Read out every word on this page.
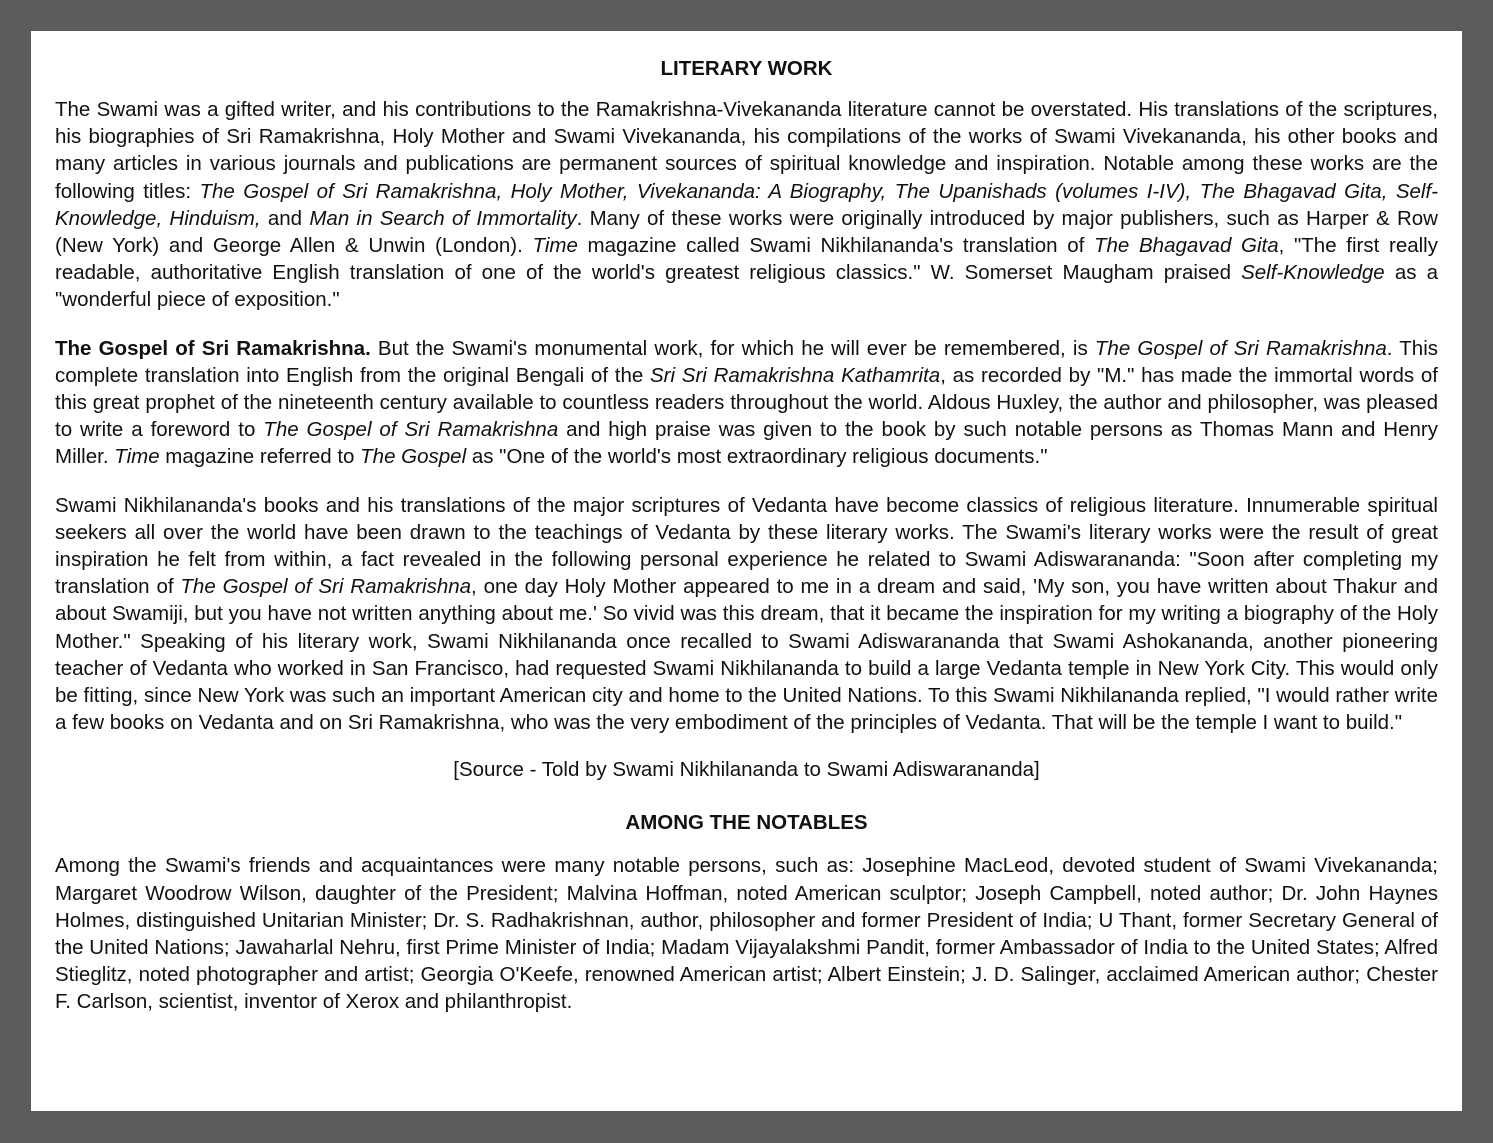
LITERARY WORK

The Swami was a gifted writer, and his contributions to the Ramakrishna-Vivekananda literature cannot be overstated. His translations of the scriptures, his biographies of Sri Ramakrishna, Holy Mother and Swami Vivekananda, his compilations of the works of Swami Vivekananda, his other books and many articles in various journals and publications are permanent sources of spiritual knowledge and inspiration. Notable among these works are the following titles: The Gospel of Sri Ramakrishna, Holy Mother, Vivekananda: A Biography, The Upanishads (volumes I-IV), The Bhagavad Gita, Self-Knowledge, Hinduism, and Man in Search of Immortality. Many of these works were originally introduced by major publishers, such as Harper & Row (New York) and George Allen & Unwin (London). Time magazine called Swami Nikhilananda's translation of The Bhagavad Gita, "The first really readable, authoritative English translation of one of the world's greatest religious classics." W. Somerset Maugham praised Self-Knowledge as a "wonderful piece of exposition."

The Gospel of Sri Ramakrishna. But the Swami's monumental work, for which he will ever be remembered, is The Gospel of Sri Ramakrishna. This complete translation into English from the original Bengali of the Sri Sri Ramakrishna Kathamrita, as recorded by "M." has made the immortal words of this great prophet of the nineteenth century available to countless readers throughout the world. Aldous Huxley, the author and philosopher, was pleased to write a foreword to The Gospel of Sri Ramakrishna and high praise was given to the book by such notable persons as Thomas Mann and Henry Miller. Time magazine referred to The Gospel as "One of the world's most extraordinary religious documents."

Swami Nikhilananda's books and his translations of the major scriptures of Vedanta have become classics of religious literature. Innumerable spiritual seekers all over the world have been drawn to the teachings of Vedanta by these literary works. The Swami's literary works were the result of great inspiration he felt from within, a fact revealed in the following personal experience he related to Swami Adiswarananda: "Soon after completing my translation of The Gospel of Sri Ramakrishna, one day Holy Mother appeared to me in a dream and said, 'My son, you have written about Thakur and about Swamiji, but you have not written anything about me.' So vivid was this dream, that it became the inspiration for my writing a biography of the Holy Mother." Speaking of his literary work, Swami Nikhilananda once recalled to Swami Adiswarananda that Swami Ashokananda, another pioneering teacher of Vedanta who worked in San Francisco, had requested Swami Nikhilananda to build a large Vedanta temple in New York City. This would only be fitting, since New York was such an important American city and home to the United Nations. To this Swami Nikhilananda replied, "I would rather write a few books on Vedanta and on Sri Ramakrishna, who was the very embodiment of the principles of Vedanta. That will be the temple I want to build."

[Source - Told by Swami Nikhilananda to Swami Adiswarananda]

AMONG THE NOTABLES

Among the Swami's friends and acquaintances were many notable persons, such as: Josephine MacLeod, devoted student of Swami Vivekananda; Margaret Woodrow Wilson, daughter of the President; Malvina Hoffman, noted American sculptor; Joseph Campbell, noted author; Dr. John Haynes Holmes, distinguished Unitarian Minister; Dr. S. Radhakrishnan, author, philosopher and former President of India; U Thant, former Secretary General of the United Nations; Jawaharlal Nehru, first Prime Minister of India; Madam Vijayalakshmi Pandit, former Ambassador of India to the United States; Alfred Stieglitz, noted photographer and artist; Georgia O'Keefe, renowned American artist; Albert Einstein; J. D. Salinger, acclaimed American author; Chester F. Carlson, scientist, inventor of Xerox and philanthropist.
